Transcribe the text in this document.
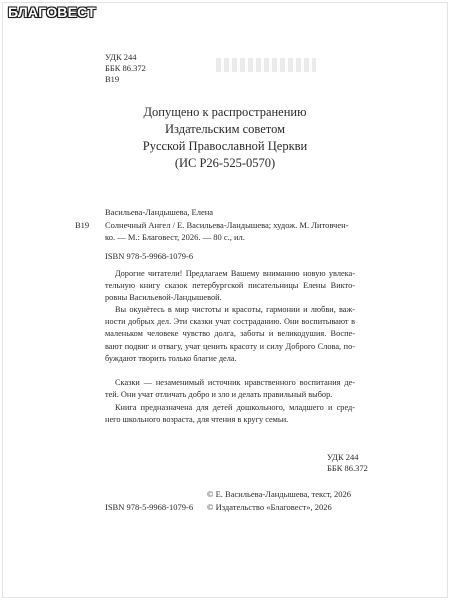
БЛАГОВЕСТ
УДК 244
ББК 86.372
В19
Допущено к распространению
Издательским советом
Русской Православной Церкви
(ИС Р26-525-0570)
Васильева-Ландышева, Елена
В19 Солнечный Ангел / Е. Васильева-Ландышева; худож. М. Литовчен-
ко. — М.: Благовест, 2026. — 80 с., ил.
ISBN 978-5-9968-1079-6
Дорогие читатели! Предлагаем Вашему вниманию новую увлека-тельную книгу сказок петербургской писательницы Елены Викто-ровны Васильевой-Ландышевой.
Вы окунётесь в мир чистоты и красоты, гармонии и любви, важ-ности добрых дел. Эти сказки учат состраданию. Они воспитывают в маленьком человеке чувство долга, заботы и великодушия. Воспе-вают подвиг и отвагу, учат ценить красоту и силу Доброго Слова, по-буждают творить только благие дела.
Сказки — незаменимый источник нравственного воспитания де-тей. Они учат отличать добро и зло и делать правильный выбор.
Книга предназначена для детей дошкольного, младшего и сред-него школьного возраста, для чтения в кругу семьи.
УДК 244
ББК 86.372
ISBN 978-5-9968-1079-6
© Е. Васильева-Ландышева, текст, 2026
© Издательство «Благовест», 2026
